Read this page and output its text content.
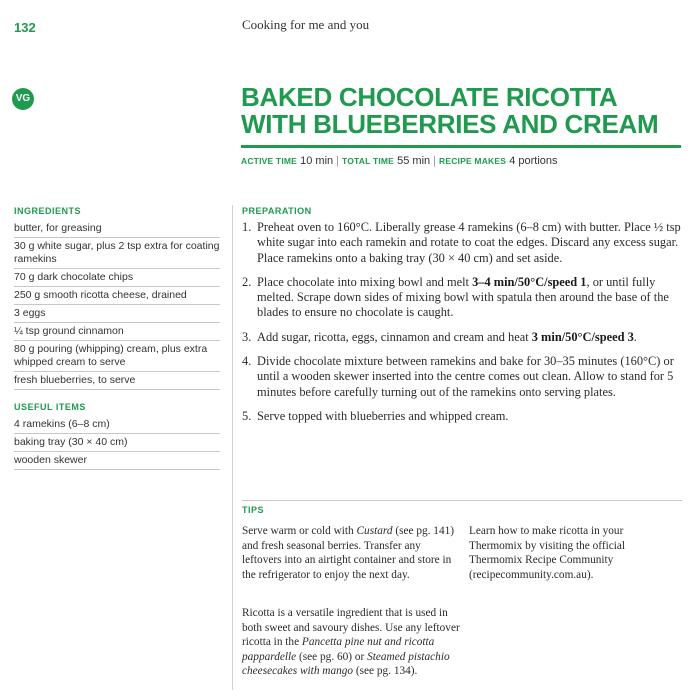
132	Cooking for me and you
VG	BAKED CHOCOLATE RICOTTA
WITH BLUEBERRIES AND CREAM
ACTIVE TIME 10 min | TOTAL TIME 55 min | RECIPE MAKES 4 portions
INGREDIENTS
butter, for greasing
30 g white sugar, plus 2 tsp extra for coating ramekins
70 g dark chocolate chips
250 g smooth ricotta cheese, drained
3 eggs
¼ tsp ground cinnamon
80 g pouring (whipping) cream, plus extra whipped cream to serve
fresh blueberries, to serve
USEFUL ITEMS
4 ramekins (6–8 cm)
baking tray (30 × 40 cm)
wooden skewer
PREPARATION
1. Preheat oven to 160°C. Liberally grease 4 ramekins (6–8 cm) with butter. Place ½ tsp white sugar into each ramekin and rotate to coat the edges. Discard any excess sugar. Place ramekins onto a baking tray (30 × 40 cm) and set aside.
2. Place chocolate into mixing bowl and melt 3–4 min/50°C/speed 1, or until fully melted. Scrape down sides of mixing bowl with spatula then around the base of the blades to ensure no chocolate is caught.
3. Add sugar, ricotta, eggs, cinnamon and cream and heat 3 min/50°C/speed 3.
4. Divide chocolate mixture between ramekins and bake for 30–35 minutes (160°C) or until a wooden skewer inserted into the centre comes out clean. Allow to stand for 5 minutes before carefully turning out of the ramekins onto serving plates.
5. Serve topped with blueberries and whipped cream.
TIPS
Serve warm or cold with Custard (see pg. 141) and fresh seasonal berries. Transfer any leftovers into an airtight container and store in the refrigerator to enjoy the next day.
Ricotta is a versatile ingredient that is used in both sweet and savoury dishes. Use any leftover ricotta in the Pancetta pine nut and ricotta pappardelle (see pg. 60) or Steamed pistachio cheesecakes with mango (see pg. 134).
Learn how to make ricotta in your Thermomix by visiting the official Thermomix Recipe Community (recipecommunity.com.au).
